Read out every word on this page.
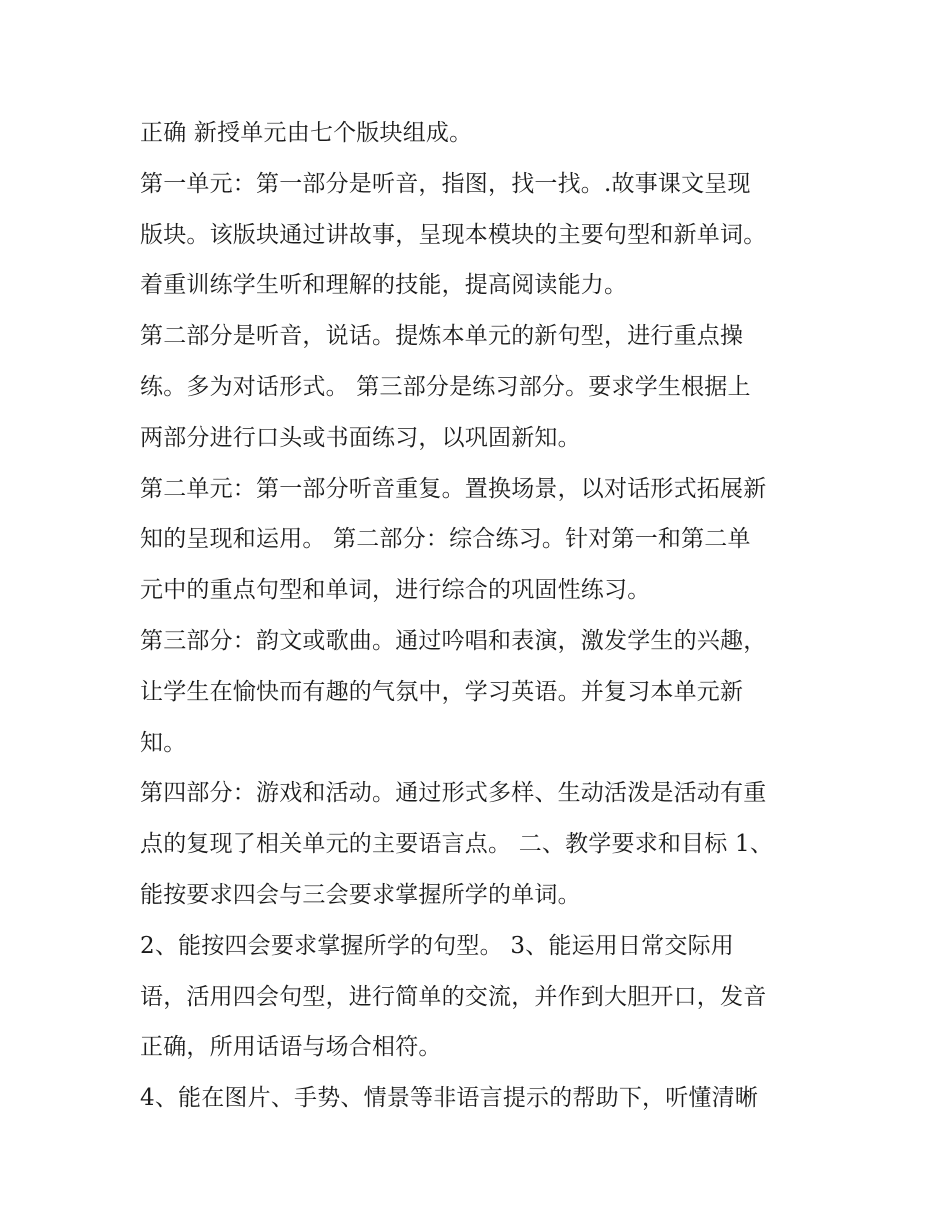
正确 新授单元由七个版块组成。
第一单元：第一部分是听音，指图，找一找。.故事课文呈现
版块。该版块通过讲故事，呈现本模块的主要句型和新单词。
着重训练学生听和理解的技能，提高阅读能力。
第二部分是听音，说话。提炼本单元的新句型，进行重点操
练。多为对话形式。 第三部分是练习部分。要求学生根据上
两部分进行口头或书面练习，以巩固新知。
第二单元：第一部分听音重复。置换场景，以对话形式拓展新
知的呈现和运用。 第二部分：综合练习。针对第一和第二单
元中的重点句型和单词，进行综合的巩固性练习。
第三部分：韵文或歌曲。通过吟唱和表演，激发学生的兴趣，
让学生在愉快而有趣的气氛中，学习英语。并复习本单元新
知。
第四部分：游戏和活动。通过形式多样、生动活泼是活动有重
点的复现了相关单元的主要语言点。 二、教学要求和目标 1、
能按要求四会与三会要求掌握所学的单词。
2、能按四会要求掌握所学的句型。 3、能运用日常交际用
语，活用四会句型，进行简单的交流，并作到大胆开口，发音
正确，所用话语与场合相符。
4、能在图片、手势、情景等非语言提示的帮助下，听懂清晰
